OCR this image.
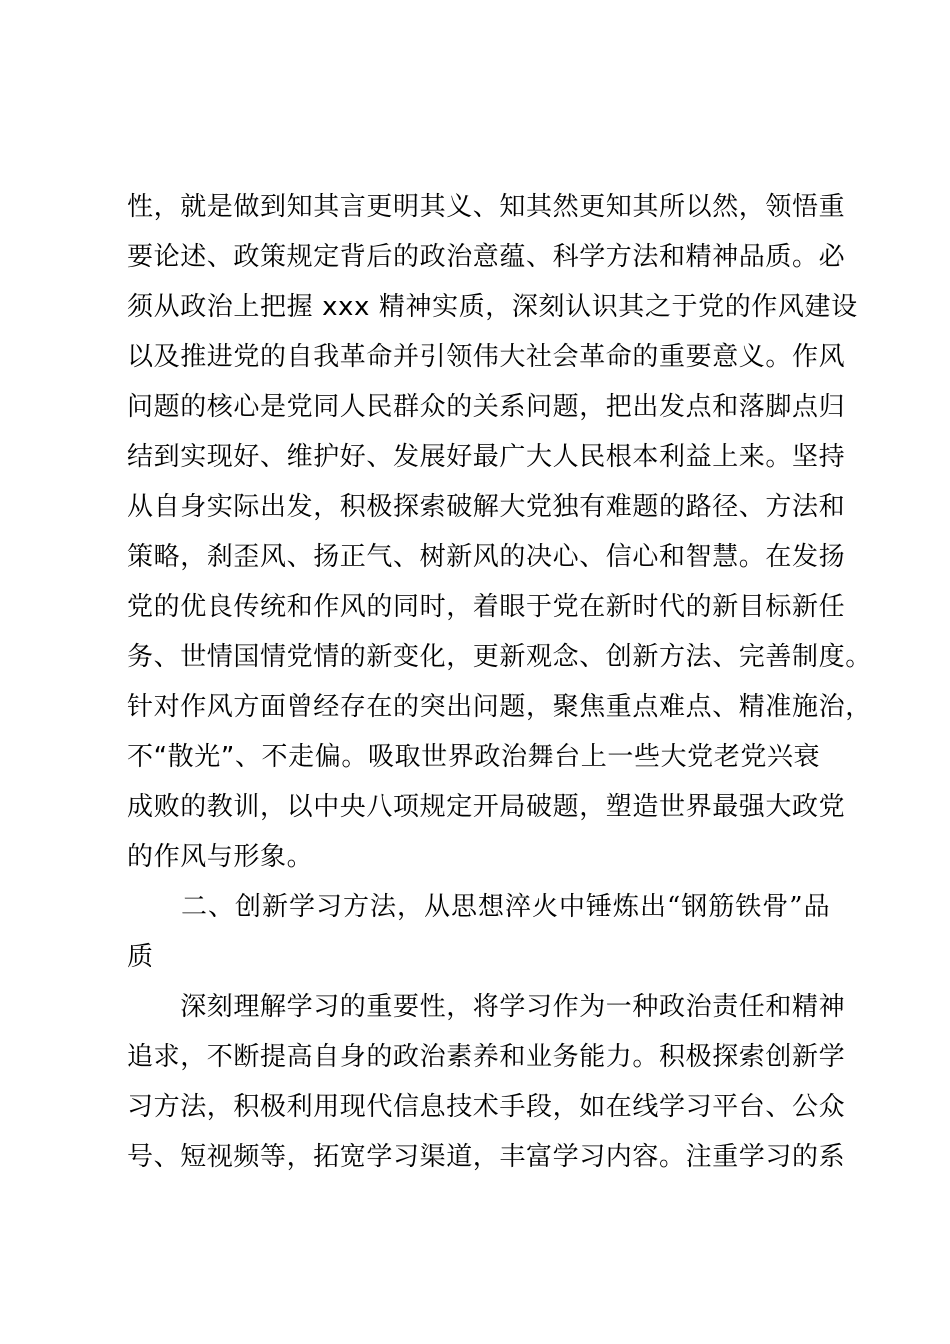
性，就是做到知其言更明其义、知其然更知其所以然，领悟重
要论述、政策规定背后的政治意蕴、科学方法和精神品质。必
须从政治上把握 xxx 精神实质，深刻认识其之于党的作风建设
以及推进党的自我革命并引领伟大社会革命的重要意义。作风
问题的核心是党同人民群众的关系问题，把出发点和落脚点归
结到实现好、维护好、发展好最广大人民根本利益上来。坚持
从自身实际出发，积极探索破解大党独有难题的路径、方法和
策略，刹歪风、扬正气、树新风的决心、信心和智慧。在发扬
党的优良传统和作风的同时，着眼于党在新时代的新目标新任
务、世情国情党情的新变化，更新观念、创新方法、完善制度。
针对作风方面曾经存在的突出问题，聚焦重点难点、精准施治，
不“散光”、不走偏。吸取世界政治舞台上一些大党老党兴衰
成败的教训，以中央八项规定开局破题，塑造世界最强大政党
的作风与形象。
　　二、创新学习方法，从思想淬火中锤炼出“钢筋铁骨”品
质
　　深刻理解学习的重要性，将学习作为一种政治责任和精神
追求，不断提高自身的政治素养和业务能力。积极探索创新学
习方法，积极利用现代信息技术手段，如在线学习平台、公众
号、短视频等，拓宽学习渠道，丰富学习内容。注重学习的系
